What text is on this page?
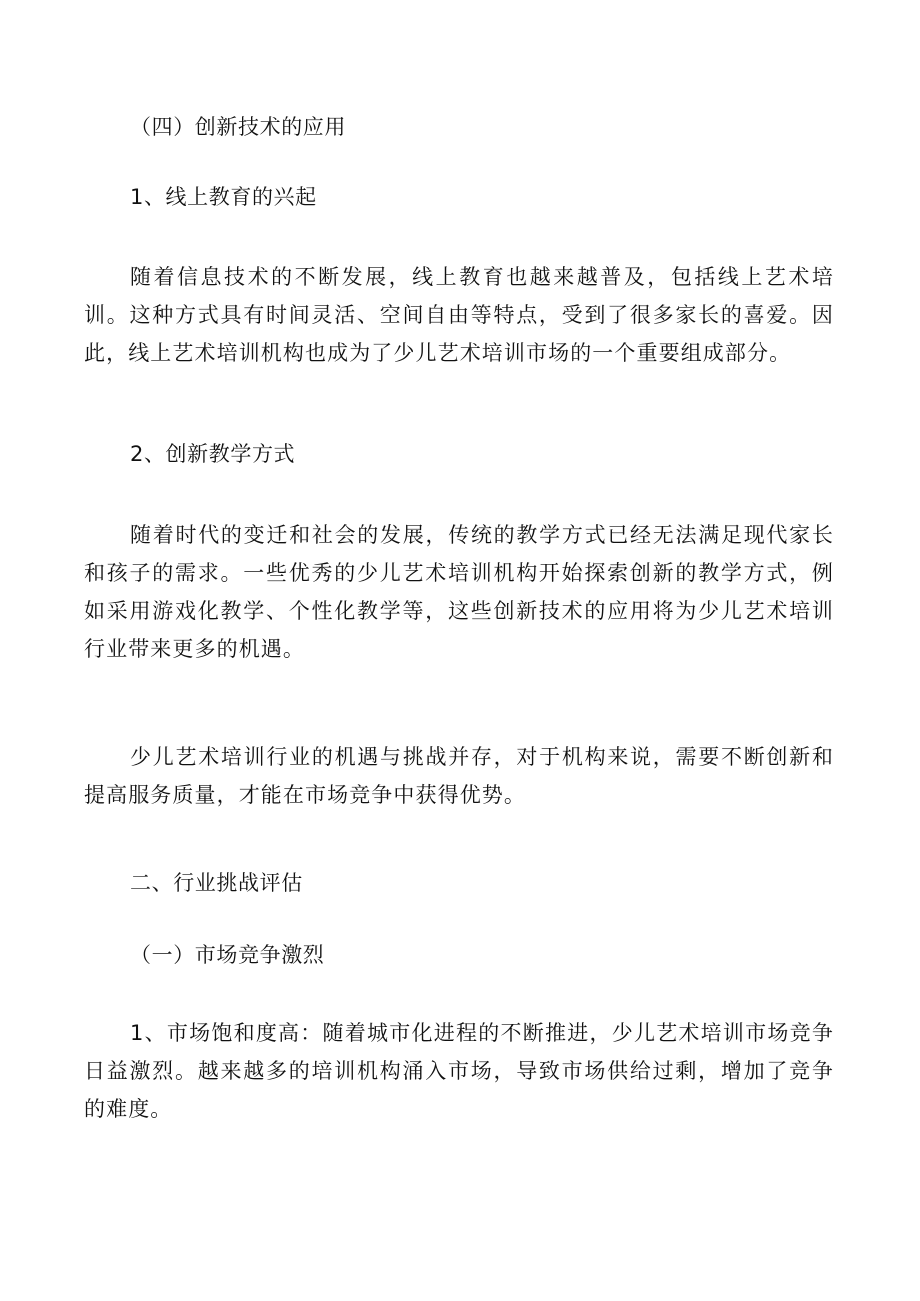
（四）创新技术的应用
1、线上教育的兴起
随着信息技术的不断发展，线上教育也越来越普及，包括线上艺术培训。这种方式具有时间灵活、空间自由等特点，受到了很多家长的喜爱。因此，线上艺术培训机构也成为了少儿艺术培训市场的一个重要组成部分。
2、创新教学方式
随着时代的变迁和社会的发展，传统的教学方式已经无法满足现代家长和孩子的需求。一些优秀的少儿艺术培训机构开始探索创新的教学方式，例如采用游戏化教学、个性化教学等，这些创新技术的应用将为少儿艺术培训行业带来更多的机遇。
少儿艺术培训行业的机遇与挑战并存，对于机构来说，需要不断创新和提高服务质量，才能在市场竞争中获得优势。
二、行业挑战评估
（一）市场竞争激烈
1、市场饱和度高：随着城市化进程的不断推进，少儿艺术培训市场竞争日益激烈。越来越多的培训机构涌入市场，导致市场供给过剩，增加了竞争的难度。
